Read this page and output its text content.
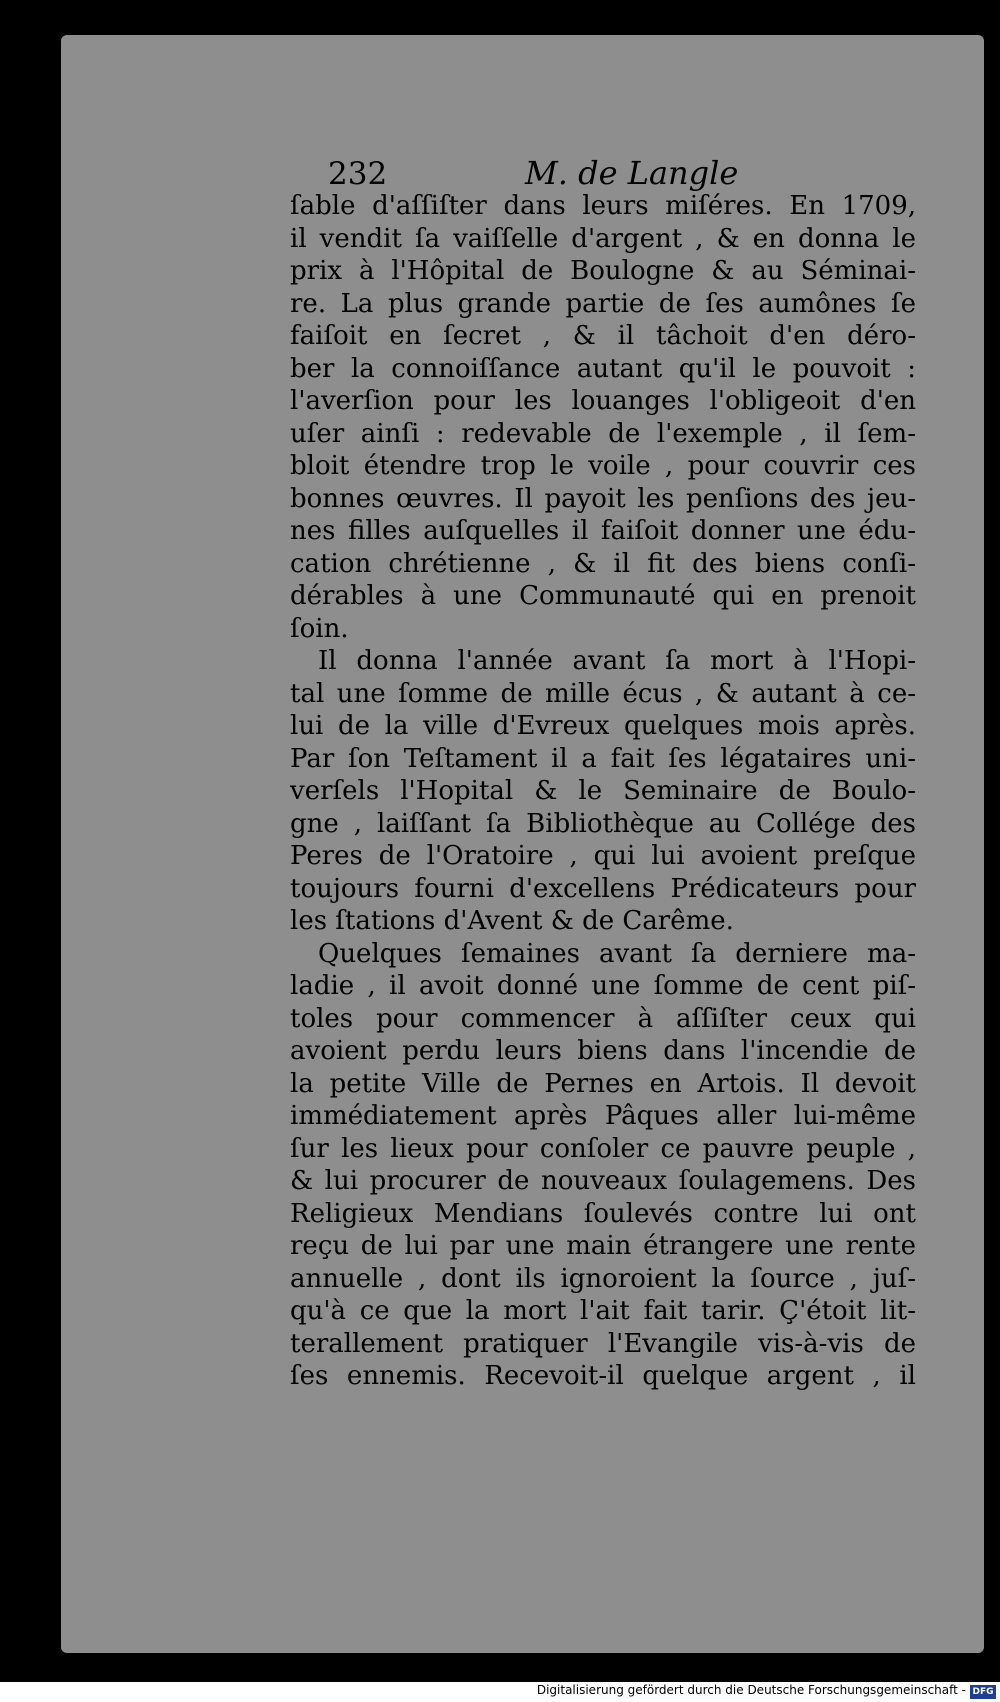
232	M. de Langle
ſable d'aſſiſter dans leurs miſéres. En 1709,
il vendit ſa vaiſſelle d'argent , & en donna le
prix à l'Hôpital de Boulogne & au Séminai-
re. La plus grande partie de ſes aumônes ſe
faiſoit en ſecret , & il tâchoit d'en déro-
ber la connoiſſance autant qu'il le pouvoit :
l'averſion pour les louanges l'obligeoit d'en
uſer ainſi : redevable de l'exemple , il ſem-
bloit étendre trop le voile , pour couvrir ces
bonnes œuvres. Il payoit les penſions des jeu-
nes filles auſquelles il faiſoit donner une édu-
cation chrétienne , & il fit des biens conſi-
dérables à une Communauté qui en prenoit
ſoin.
Il donna l'année avant ſa mort à l'Hopi-
tal une ſomme de mille écus , & autant à ce-
lui de la ville d'Evreux quelques mois après.
Par ſon Teſtament il a fait ſes légataires uni-
verſels l'Hopital & le Seminaire de Boulo-
gne , laiſſant ſa Bibliothèque au Collége des
Peres de l'Oratoire , qui lui avoient preſque
toujours fourni d'excellens Prédicateurs pour
les ſtations d'Avent & de Carême.
Quelques ſemaines avant ſa derniere ma-
ladie , il avoit donné une ſomme de cent piſ-
toles pour commencer à aſſiſter ceux qui
avoient perdu leurs biens dans l'incendie de
la petite Ville de Pernes en Artois. Il devoit
immédiatement après Pâques aller lui-même
ſur les lieux pour conſoler ce pauvre peuple ,
& lui procurer de nouveaux ſoulagemens. Des
Religieux Mendians ſoulevés contre lui ont
reçu de lui par une main étrangere une rente
annuelle , dont ils ignoroient la ſource , juſ-
qu'à ce que la mort l'ait fait tarir. Ç'étoit lit-
terallement pratiquer l'Evangile vis-à-vis de
ſes ennemis. Recevoit-il quelque argent , il
Digitalisierung gefördert durch die Deutsche Forschungsgemeinschaft - DFG
